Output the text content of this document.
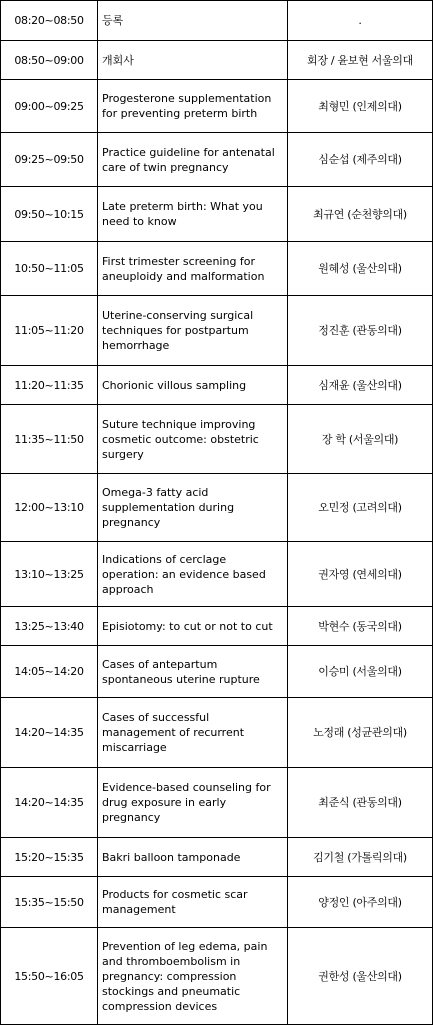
08:20~08:50	등록	.
08:50~09:00	개회사	회장 / 윤보현 서울의대
09:00~09:25	Progesterone supplementation for preventing preterm birth	최형민 (인제의대)
09:25~09:50	Practice guideline for antenatal care of twin pregnancy	심순섭 (제주의대)
09:50~10:15	Late preterm birth: What you need to know	최규연 (순천향의대)
10:50~11:05	First trimester screening for aneuploidy and malformation	원혜성 (울산의대)
11:05~11:20	Uterine-conserving surgical techniques for postpartum hemorrhage	정진훈 (관동의대)
11:20~11:35	Chorionic villous sampling	심재윤 (울산의대)
11:35~11:50	Suture technique improving cosmetic outcome: obstetric surgery	장 학 (서울의대)
12:00~13:10	Omega-3 fatty acid supplementation during pregnancy	오민정 (고려의대)
13:10~13:25	Indications of cerclage operation: an evidence based approach	권자영 (연세의대)
13:25~13:40	Episiotomy: to cut or not to cut	박현수 (동국의대)
14:05~14:20	Cases of antepartum spontaneous uterine rupture	이승미 (서울의대)
14:20~14:35	Cases of successful management of recurrent miscarriage	노정래 (성균관의대)
14:20~14:35	Evidence-based counseling for drug exposure in early pregnancy	최준식 (관동의대)
15:20~15:35	Bakri balloon tamponade	김기철 (가톨릭의대)
15:35~15:50	Products for cosmetic scar management	양정인 (아주의대)
15:50~16:05	Prevention of leg edema, pain and thromboembolism in pregnancy: compression stockings and pneumatic compression devices	권한성 (울산의대)
